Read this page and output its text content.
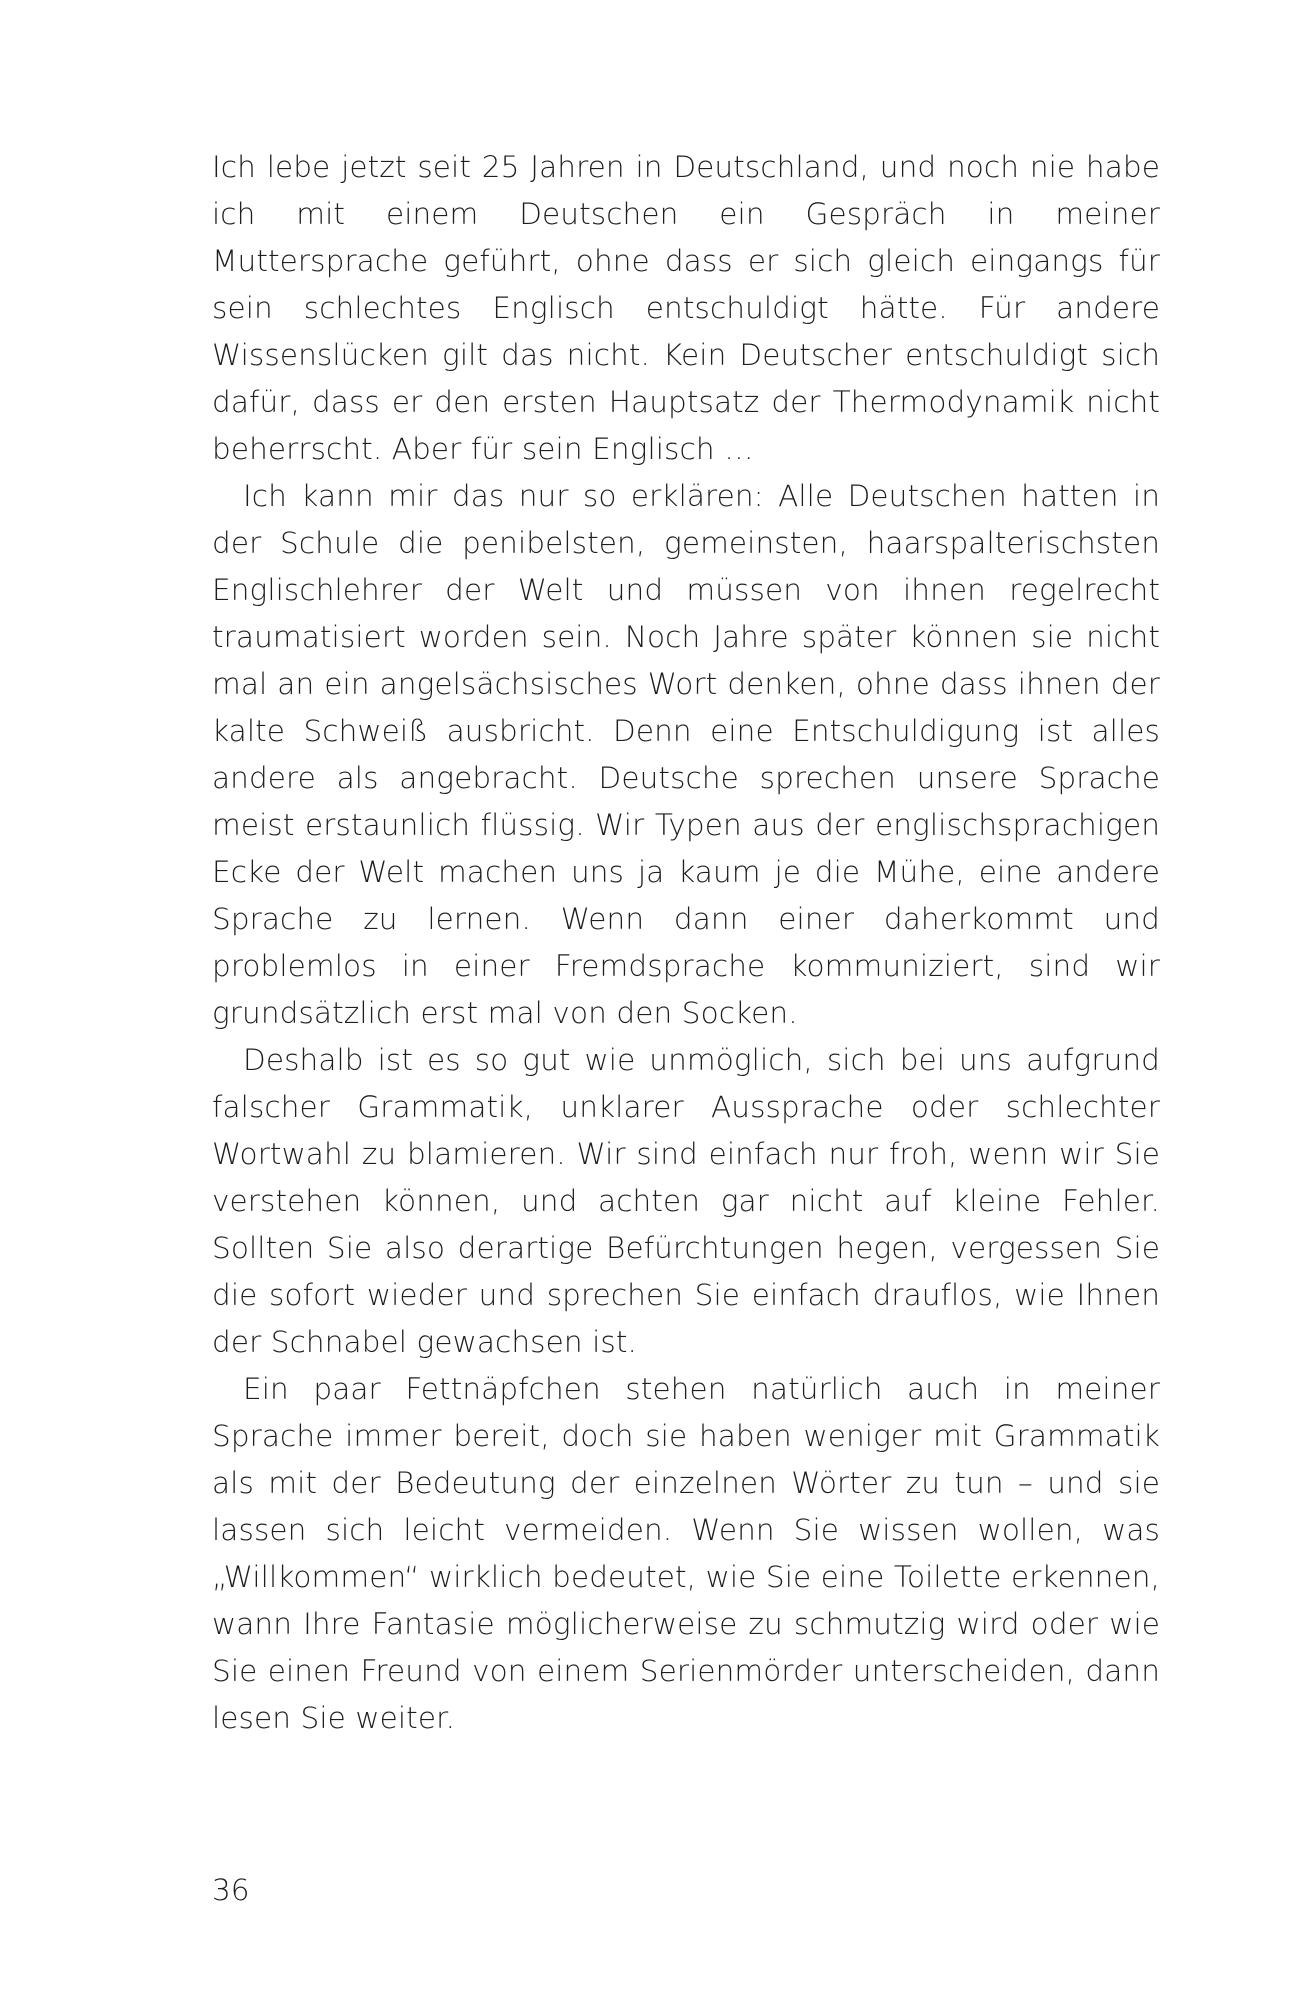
Ich lebe jetzt seit 25 Jahren in Deutschland, und noch nie habe ich mit einem Deutschen ein Gespräch in meiner Muttersprache geführt, ohne dass er sich gleich eingangs für sein schlechtes Englisch entschuldigt hätte. Für andere Wissenslücken gilt das nicht. Kein Deutscher entschuldigt sich dafür, dass er den ersten Hauptsatz der Thermodynamik nicht beherrscht. Aber für sein Englisch …

Ich kann mir das nur so erklären: Alle Deutschen hatten in der Schule die penibelsten, gemeinsten, haarspalterischsten Englischlehrer der Welt und müssen von ihnen regelrecht traumatisiert worden sein. Noch Jahre später können sie nicht mal an ein angelsächsisches Wort denken, ohne dass ihnen der kalte Schweiß ausbricht. Denn eine Entschuldigung ist alles andere als angebracht. Deutsche sprechen unsere Sprache meist erstaunlich flüssig. Wir Typen aus der englischsprachigen Ecke der Welt machen uns ja kaum je die Mühe, eine andere Sprache zu lernen. Wenn dann einer daherkommt und problemlos in einer Fremdsprache kommuniziert, sind wir grundsätzlich erst mal von den Socken.

Deshalb ist es so gut wie unmöglich, sich bei uns aufgrund falscher Grammatik, unklarer Aussprache oder schlechter Wortwahl zu blamieren. Wir sind einfach nur froh, wenn wir Sie verstehen können, und achten gar nicht auf kleine Fehler. Sollten Sie also derartige Befürchtungen hegen, vergessen Sie die sofort wieder und sprechen Sie einfach drauflos, wie Ihnen der Schnabel gewachsen ist.

Ein paar Fettnäpfchen stehen natürlich auch in meiner Sprache immer bereit, doch sie haben weniger mit Grammatik als mit der Bedeutung der einzelnen Wörter zu tun – und sie lassen sich leicht vermeiden. Wenn Sie wissen wollen, was „Willkommen“ wirklich bedeutet, wie Sie eine Toilette erkennen, wann Ihre Fantasie möglicherweise zu schmutzig wird oder wie Sie einen Freund von einem Serienmörder unterscheiden, dann lesen Sie weiter.

36
